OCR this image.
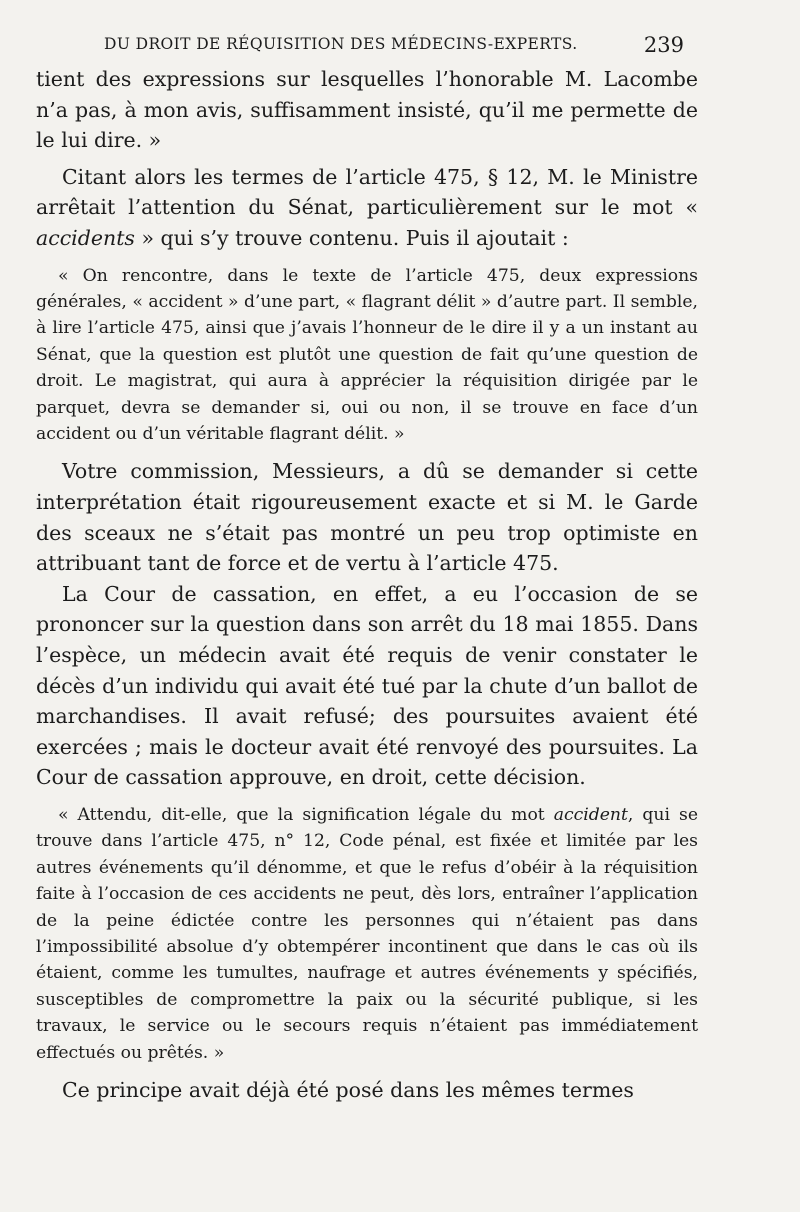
DU DROIT DE RÉQUISITION DES MÉDECINS-EXPERTS.	239

tient des expressions sur lesquelles l’honorable M. Lacombe n’a pas, à mon avis, suffisamment insisté, qu’il me permette de le lui dire. »

Citant alors les termes de l’article 475, § 12, M. le Ministre arrêtait l’attention du Sénat, particulièrement sur le mot « accidents » qui s’y trouve contenu. Puis il ajoutait :

« On rencontre, dans le texte de l’article 475, deux expressions générales, « accident » d’une part, « flagrant délit » d’autre part. Il semble, à lire l’article 475, ainsi que j’avais l’honneur de le dire il y a un instant au Sénat, que la question est plutôt une question de fait qu’une question de droit. Le magistrat, qui aura à apprécier la réquisition dirigée par le parquet, devra se demander si, oui ou non, il se trouve en face d’un accident ou d’un véritable flagrant délit. »

Votre commission, Messieurs, a dû se demander si cette interprétation était rigoureusement exacte et si M. le Garde des sceaux ne s’était pas montré un peu trop optimiste en attribuant tant de force et de vertu à l’article 475.

La Cour de cassation, en effet, a eu l’occasion de se prononcer sur la question dans son arrêt du 18 mai 1855. Dans l’espèce, un médecin avait été requis de venir constater le décès d’un individu qui avait été tué par la chute d’un ballot de marchandises. Il avait refusé; des poursuites avaient été exercées ; mais le docteur avait été renvoyé des poursuites. La Cour de cassation approuve, en droit, cette décision.

« Attendu, dit-elle, que la signification légale du mot accident, qui se trouve dans l’article 475, n° 12, Code pénal, est fixée et limitée par les autres événements qu’il dénomme, et que le refus d’obéir à la réquisition faite à l’occasion de ces accidents ne peut, dès lors, entraîner l’application de la peine édictée contre les personnes qui n’étaient pas dans l’impossibilité absolue d’y obtempérer incontinent que dans le cas où ils étaient, comme les tumultes, naufrage et autres événements y spécifiés, susceptibles de compromettre la paix ou la sécurité publique, si les travaux, le service ou le secours requis n’étaient pas immédiatement effectués ou prêtés. »

Ce principe avait déjà été posé dans les mêmes termes
